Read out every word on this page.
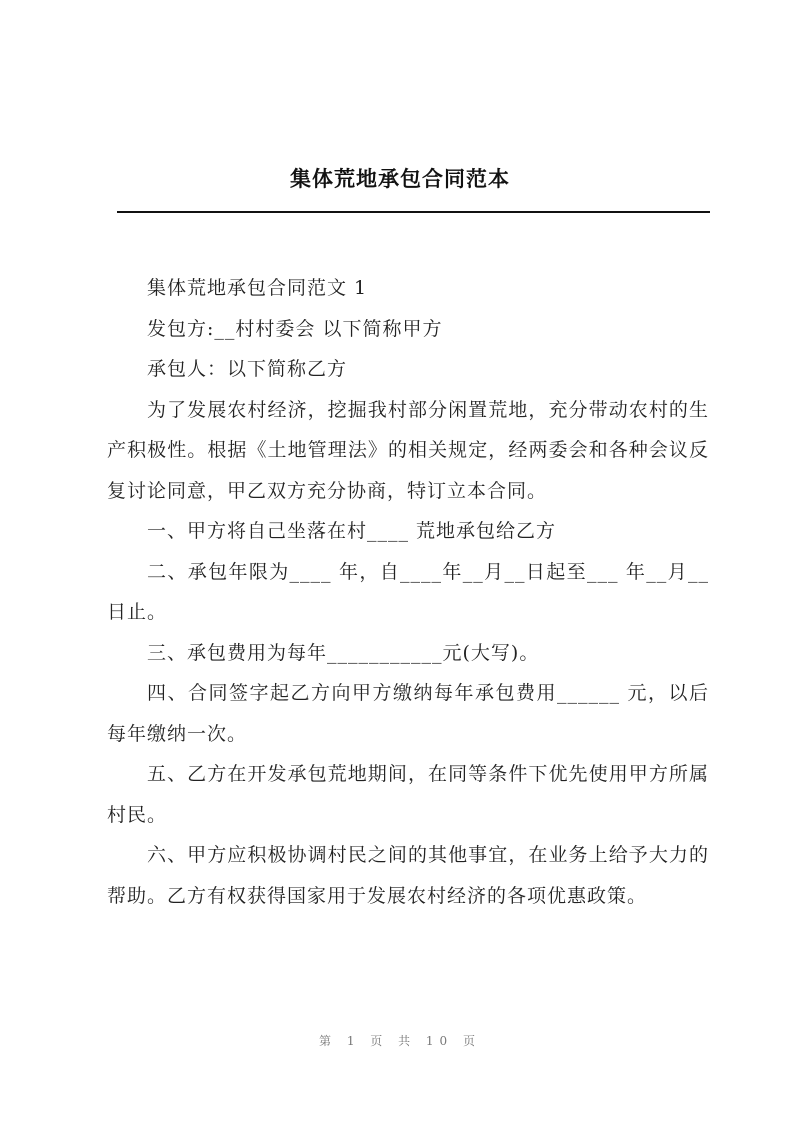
集体荒地承包合同范本

集体荒地承包合同范文 1

发包方:__村村委会 以下简称甲方

承包人：以下简称乙方

为了发展农村经济，挖掘我村部分闲置荒地，充分带动农村的生产积极性。根据《土地管理法》的相关规定，经两委会和各种会议反复讨论同意，甲乙双方充分协商，特订立本合同。

一、甲方将自己坐落在村____ 荒地承包给乙方

二、承包年限为____ 年，自____年__月__日起至___ 年__月__日止。

三、承包费用为每年___________元(大写)。

四、合同签字起乙方向甲方缴纳每年承包费用______ 元，以后每年缴纳一次。

五、乙方在开发承包荒地期间，在同等条件下优先使用甲方所属村民。

六、甲方应积极协调村民之间的其他事宜，在业务上给予大力的帮助。乙方有权获得国家用于发展农村经济的各项优惠政策。

第 1 页 共 10 页
